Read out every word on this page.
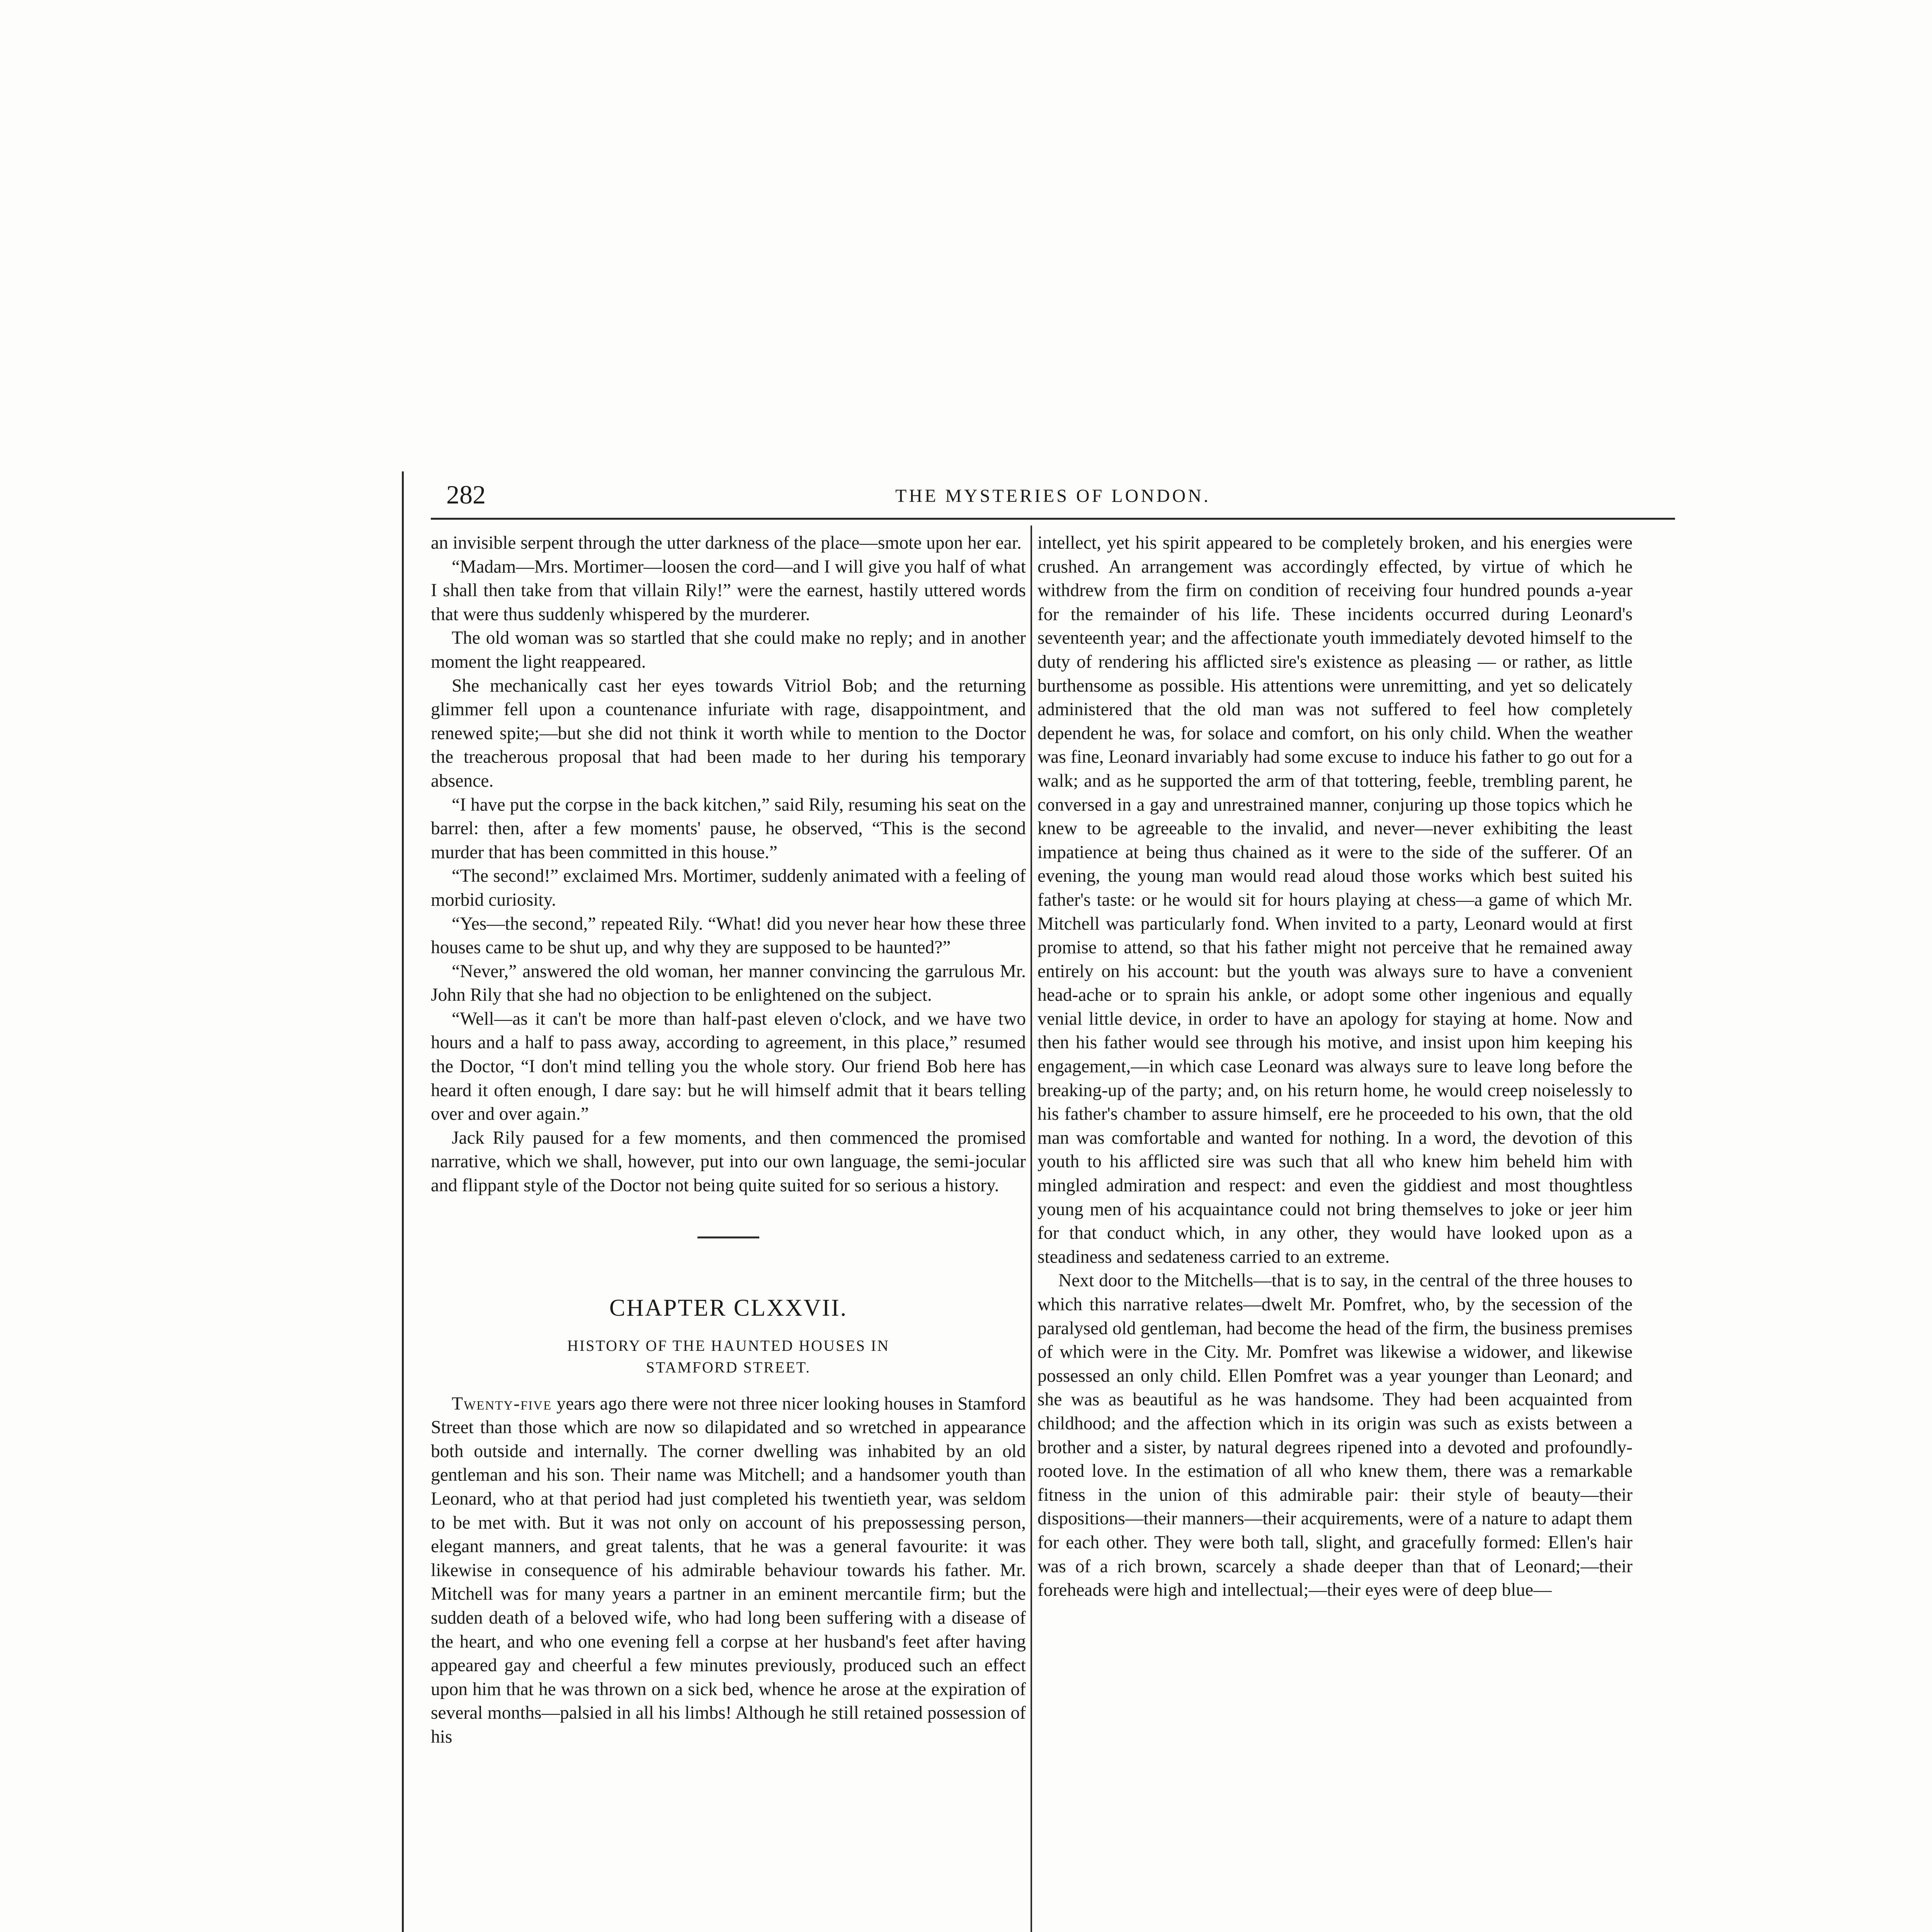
282	THE MYSTERIES OF LONDON.

an invisible serpent through the utter darkness of the place—smote upon her ear.

“Madam—Mrs. Mortimer—loosen the cord—and I will give you half of what I shall then take from that villain Rily!” were the earnest, hastily uttered words that were thus suddenly whispered by the murderer.

The old woman was so startled that she could make no reply; and in another moment the light reappeared.

She mechanically cast her eyes towards Vitriol Bob; and the returning glimmer fell upon a countenance infuriate with rage, disappointment, and renewed spite;—but she did not think it worth while to mention to the Doctor the treacherous proposal that had been made to her during his temporary absence.

“I have put the corpse in the back kitchen,” said Rily, resuming his seat on the barrel: then, after a few moments' pause, he observed, “This is the second murder that has been committed in this house.”

“The second!” exclaimed Mrs. Mortimer, suddenly animated with a feeling of morbid curiosity.

“Yes—the second,” repeated Rily. “What! did you never hear how these three houses came to be shut up, and why they are supposed to be haunted?”

“Never,” answered the old woman, her manner convincing the garrulous Mr. John Rily that she had no objection to be enlightened on the subject.

“Well—as it can't be more than half-past eleven o'clock, and we have two hours and a half to pass away, according to agreement, in this place,” resumed the Doctor, “I don't mind telling you the whole story. Our friend Bob here has heard it often enough, I dare say: but he will himself admit that it bears telling over and over again.”

Jack Rily paused for a few moments, and then commenced the promised narrative, which we shall, however, put into our own language, the semi-jocular and flippant style of the Doctor not being quite suited for so serious a history.

CHAPTER CLXXVII.
HISTORY OF THE HAUNTED HOUSES IN
STAMFORD STREET.

Twenty-five years ago there were not three nicer looking houses in Stamford Street than those which are now so dilapidated and so wretched in appearance both outside and internally. The corner dwelling was inhabited by an old gentleman and his son. Their name was Mitchell; and a handsomer youth than Leonard, who at that period had just completed his twentieth year, was seldom to be met with. But it was not only on account of his prepossessing person, elegant manners, and great talents, that he was a general favourite: it was likewise in consequence of his admirable behaviour towards his father. Mr. Mitchell was for many years a partner in an eminent mercantile firm; but the sudden death of a beloved wife, who had long been suffering with a disease of the heart, and who one evening fell a corpse at her husband's feet after having appeared gay and cheerful a few minutes previously, produced such an effect upon him that he was thrown on a sick bed, whence he arose at the expiration of several months—palsied in all his limbs! Although he still retained possession of his

intellect, yet his spirit appeared to be completely broken, and his energies were crushed. An arrangement was accordingly effected, by virtue of which he withdrew from the firm on condition of receiving four hundred pounds a-year for the remainder of his life. These incidents occurred during Leonard's seventeenth year; and the affectionate youth immediately devoted himself to the duty of rendering his afflicted sire's existence as pleasing — or rather, as little burthensome as possible. His attentions were unremitting, and yet so delicately administered that the old man was not suffered to feel how completely dependent he was, for solace and comfort, on his only child. When the weather was fine, Leonard invariably had some excuse to induce his father to go out for a walk; and as he supported the arm of that tottering, feeble, trembling parent, he conversed in a gay and unrestrained manner, conjuring up those topics which he knew to be agreeable to the invalid, and never—never exhibiting the least impatience at being thus chained as it were to the side of the sufferer. Of an evening, the young man would read aloud those works which best suited his father's taste: or he would sit for hours playing at chess—a game of which Mr. Mitchell was particularly fond. When invited to a party, Leonard would at first promise to attend, so that his father might not perceive that he remained away entirely on his account: but the youth was always sure to have a convenient head-ache or to sprain his ankle, or adopt some other ingenious and equally venial little device, in order to have an apology for staying at home. Now and then his father would see through his motive, and insist upon him keeping his engagement,—in which case Leonard was always sure to leave long before the breaking-up of the party; and, on his return home, he would creep noiselessly to his father's chamber to assure himself, ere he proceeded to his own, that the old man was comfortable and wanted for nothing. In a word, the devotion of this youth to his afflicted sire was such that all who knew him beheld him with mingled admiration and respect: and even the giddiest and most thoughtless young men of his acquaintance could not bring themselves to joke or jeer him for that conduct which, in any other, they would have looked upon as a steadiness and sedateness carried to an extreme.

Next door to the Mitchells—that is to say, in the central of the three houses to which this narrative relates—dwelt Mr. Pomfret, who, by the secession of the paralysed old gentleman, had become the head of the firm, the business premises of which were in the City. Mr. Pomfret was likewise a widower, and likewise possessed an only child. Ellen Pomfret was a year younger than Leonard; and she was as beautiful as he was handsome. They had been acquainted from childhood; and the affection which in its origin was such as exists between a brother and a sister, by natural degrees ripened into a devoted and profoundly-rooted love. In the estimation of all who knew them, there was a remarkable fitness in the union of this admirable pair: their style of beauty—their dispositions—their manners—their acquirements, were of a nature to adapt them for each other. They were both tall, slight, and gracefully formed: Ellen's hair was of a rich brown, scarcely a shade deeper than that of Leonard;—their foreheads were high and intellectual;—their eyes were of deep blue—
